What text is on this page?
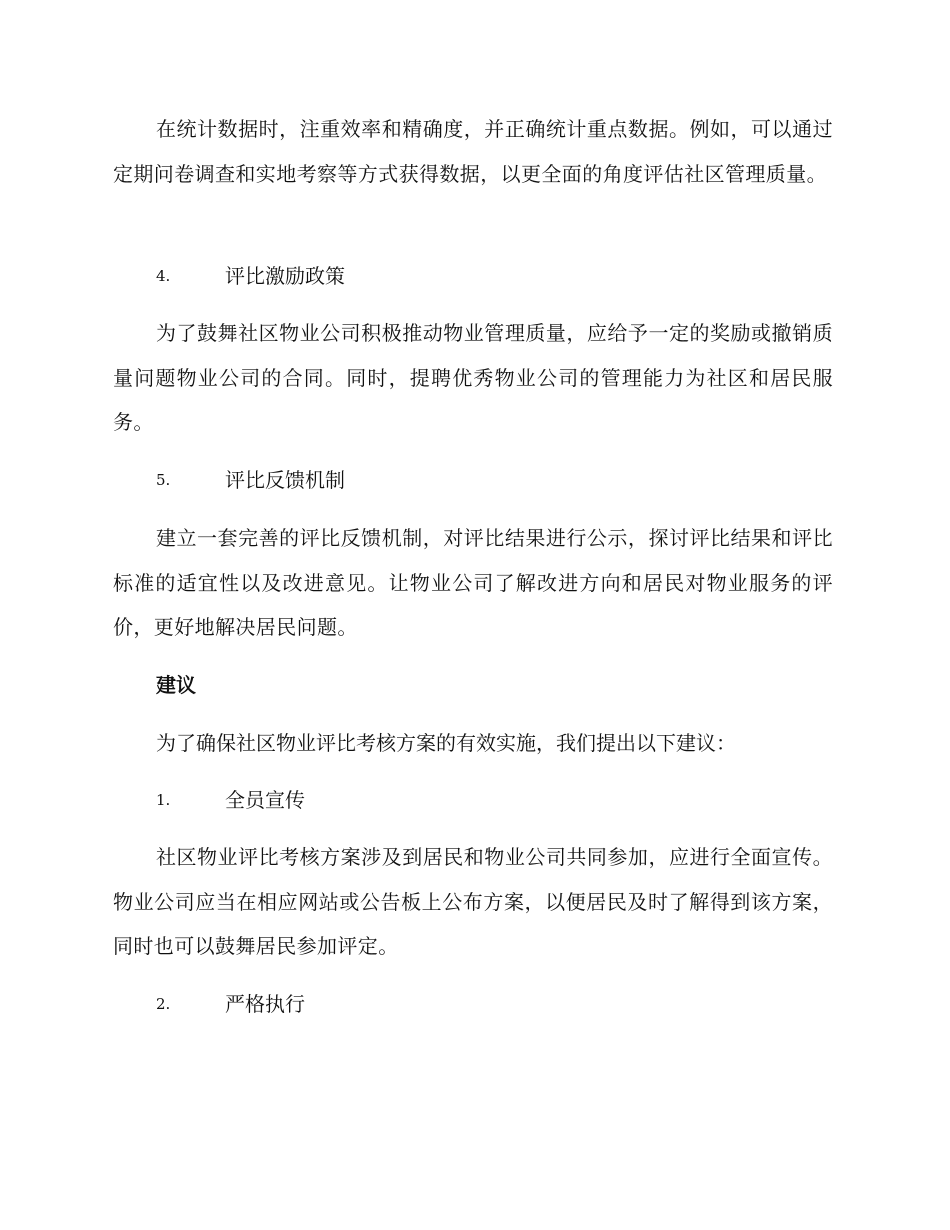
在统计数据时，注重效率和精确度，并正确统计重点数据。例如，可以通过定期问卷调查和实地考察等方式获得数据，以更全面的角度评估社区管理质量。
4.	评比激励政策
为了鼓舞社区物业公司积极推动物业管理质量，应给予一定的奖励或撤销质量问题物业公司的合同。同时，提聘优秀物业公司的管理能力为社区和居民服务。
5.	评比反馈机制
建立一套完善的评比反馈机制，对评比结果进行公示，探讨评比结果和评比标准的适宜性以及改进意见。让物业公司了解改进方向和居民对物业服务的评价，更好地解决居民问题。
建议
为了确保社区物业评比考核方案的有效实施，我们提出以下建议：
1.	全员宣传
社区物业评比考核方案涉及到居民和物业公司共同参加，应进行全面宣传。物业公司应当在相应网站或公告板上公布方案，以便居民及时了解得到该方案，同时也可以鼓舞居民参加评定。
2.	严格执行
